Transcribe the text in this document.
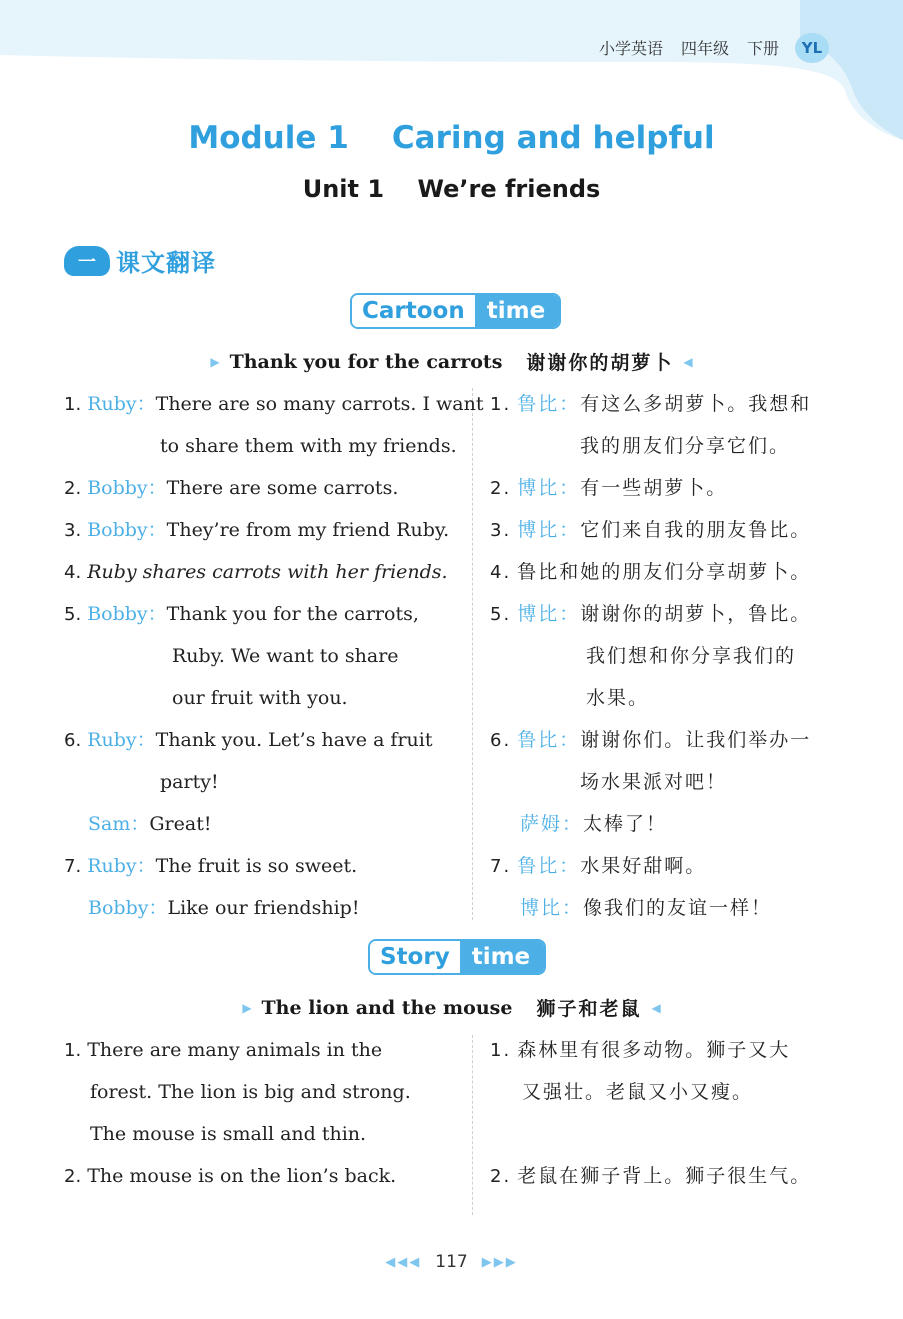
小学英语 四年级 下册	YL
Module 1    Caring and helpful
Unit 1    We’re friends
一 课文翻译
Cartoon time
▶ Thank you for the carrots 谢谢你的胡萝卜 ◀
1. Ruby：There are so many carrots. I want
to share them with my friends.
2. Bobby：There are some carrots.
3. Bobby：They’re from my friend Ruby.
4. Ruby shares carrots with her friends.
5. Bobby：Thank you for the carrots,
Ruby. We want to share
our fruit with you.
6. Ruby：Thank you. Let’s have a fruit
party!
Sam：Great!
7. Ruby：The fruit is so sweet.
Bobby：Like our friendship!
1. 鲁比：有这么多胡萝卜。我想和
我的朋友们分享它们。
2. 博比：有一些胡萝卜。
3. 博比：它们来自我的朋友鲁比。
4. 鲁比和她的朋友们分享胡萝卜。
5. 博比：谢谢你的胡萝卜，鲁比。
我们想和你分享我们的
水果。
6. 鲁比：谢谢你们。让我们举办一
场水果派对吧！
萨姆：太棒了！
7. 鲁比：水果好甜啊。
博比：像我们的友谊一样！
Story time
▶ The lion and the mouse 狮子和老鼠 ◀
1. There are many animals in the
forest. The lion is big and strong.
The mouse is small and thin.
2. The mouse is on the lion’s back.
1. 森林里有很多动物。狮子又大
又强壮。老鼠又小又瘦。
2. 老鼠在狮子背上。狮子很生气。
◀◀◀ 117 ▶▶▶
